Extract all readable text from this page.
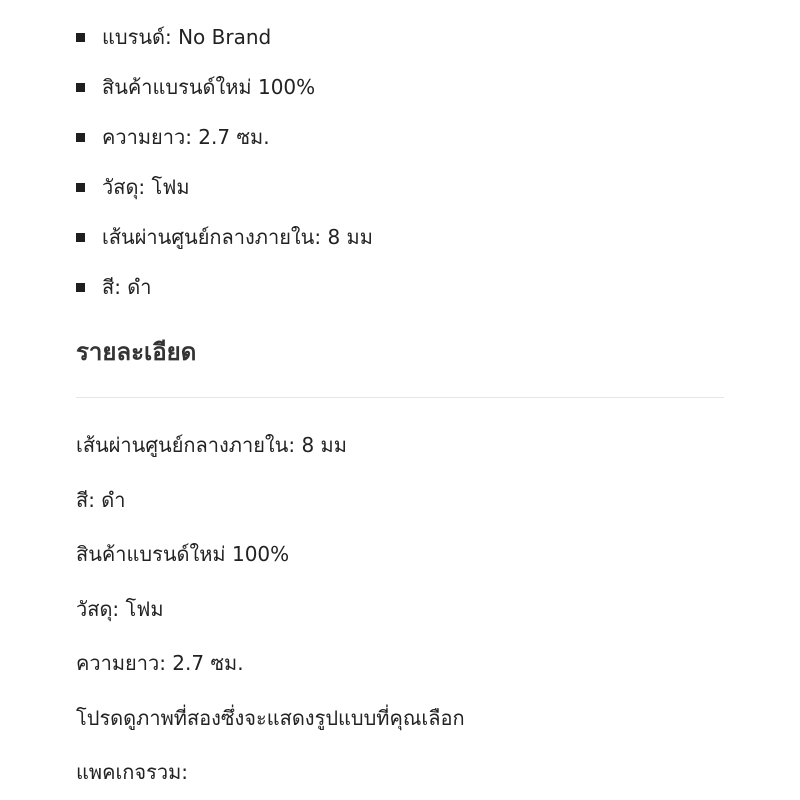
แบรนด์: No Brand
สินค้าแบรนด์ใหม่ 100%
ความยาว: 2.7 ซม.
วัสดุ: โฟม
เส้นผ่านศูนย์กลางภายใน: 8 มม
สี: ดำ
รายละเอียด
เส้นผ่านศูนย์กลางภายใน: 8 มม
สี: ดำ
สินค้าแบรนด์ใหม่ 100%
วัสดุ: โฟม
ความยาว: 2.7 ซม.
โปรดดูภาพที่สองซึ่งจะแสดงรูปแบบที่คุณเลือก
แพคเกจรวม:
